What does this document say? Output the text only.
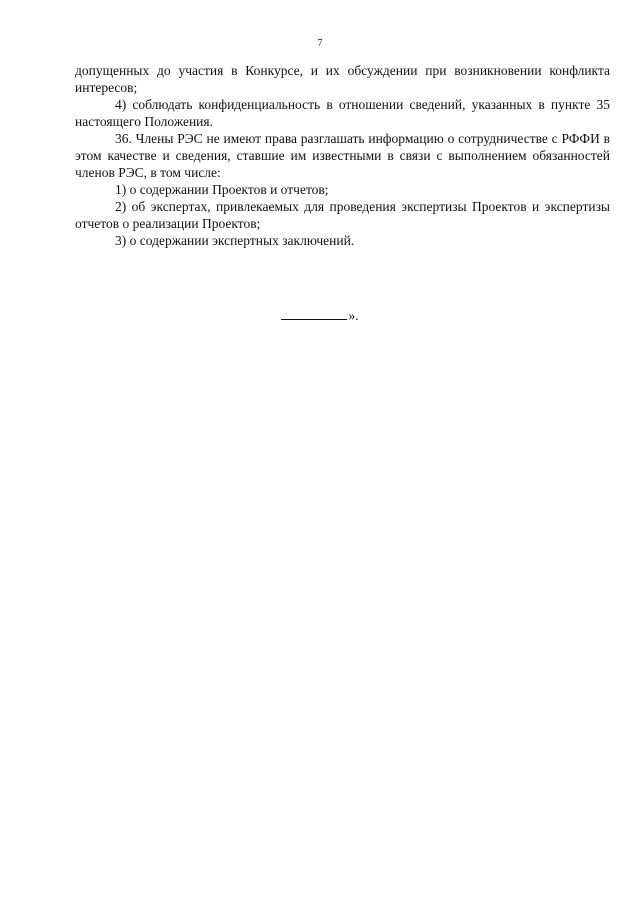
7

допущенных до участия в Конкурсе, и их обсуждении при возникновении конфликта интересов;

4) соблюдать конфиденциальность в отношении сведений, указанных в пункте 35 настоящего Положения.

36. Члены РЭС не имеют права разглашать информацию о сотрудничестве с РФФИ в этом качестве и сведения, ставшие им известными в связи с выполнением обязанностей членов РЭС, в том числе:

1) о содержании Проектов и отчетов;

2) об экспертах, привлекаемых для проведения экспертизы Проектов и экспертизы отчетов о реализации Проектов;

3) о содержании экспертных заключений.

».
